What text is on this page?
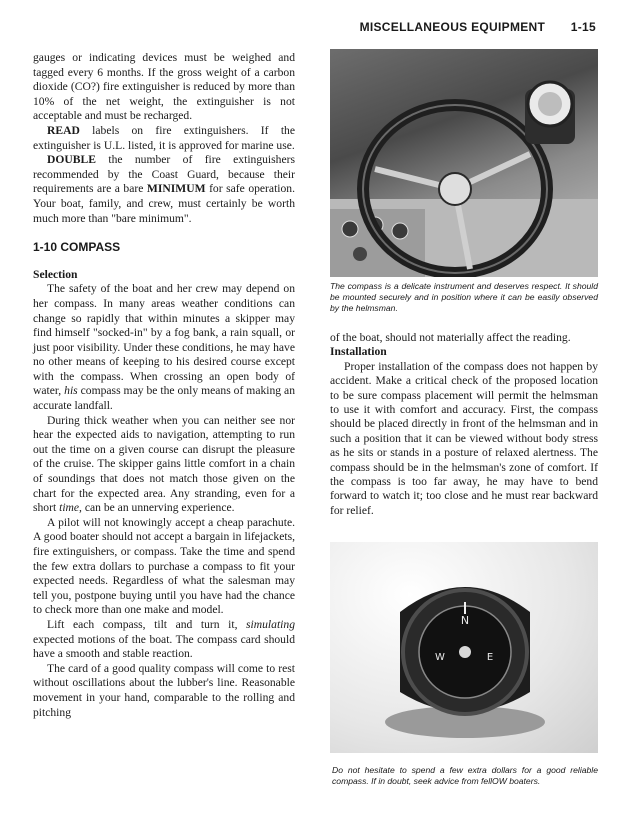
MISCELLANEOUS EQUIPMENT 1-15

gauges or indicating devices must be weighed and tagged every 6 months. If the gross weight of a carbon dioxide (CO?) fire extinguisher is reduced by more than 10% of the net weight, the extinguisher is not acceptable and must be recharged.

READ labels on fire extinguishers. If the extinguisher is U.L. listed, it is approved for marine use.

DOUBLE the number of fire extinguishers recommended by the Coast Guard, because their requirements are a bare MINIMUM for safe operation. Your boat, family, and crew, must certainly be worth much more than "bare minimum".

1-10 COMPASS

Selection

The safety of the boat and her crew may depend on her compass. In many areas weather conditions can change so rapidly that within minutes a skipper may find himself "socked-in" by a fog bank, a rain squall, or just poor visibility. Under these conditions, he may have no other means of keeping to his desired course except with the compass. When crossing an open body of water, his compass may be the only means of making an accurate landfall.

During thick weather when you can neither see nor hear the expected aids to navigation, attempting to run out the time on a given course can disrupt the pleasure of the cruise. The skipper gains little comfort in a chain of soundings that does not match those given on the chart for the expected area. Any stranding, even for a short time, can be an unnerving experience.

A pilot will not knowingly accept a cheap parachute. A good boater should not accept a bargain in lifejackets, fire extinguishers, or compass. Take the time and spend the few extra dollars to purchase a compass to fit your expected needs. Regardless of what the salesman may tell you, postpone buying until you have had the chance to check more than one make and model.

Lift each compass, tilt and turn it, simulating expected motions of the boat. The compass card should have a smooth and stable reaction.

The card of a good quality compass will come to rest without oscillations about the lubber's line. Reasonable movement in your hand, comparable to the rolling and pitching

The compass is a delicate instrument and deserves respect. It should be mounted securely and in position where it can be easily observed by the helmsman.

of the boat, should not materially affect the reading.

Installation

Proper installation of the compass does not happen by accident. Make a critical check of the proposed location to be sure compass placement will permit the helmsman to use it with comfort and accuracy. First, the compass should be placed directly in front of the helmsman and in such a position that it can be viewed without body stress as he sits or stands in a posture of relaxed alertness. The compass should be in the helmsman's zone of comfort. If the compass is too far away, he may have to bend forward to watch it; too close and he must rear backward for relief.

N
E
W
Do not hesitate to spend a few extra dollars for a good reliable compass. If in doubt, seek advice from fellOW boaters.
